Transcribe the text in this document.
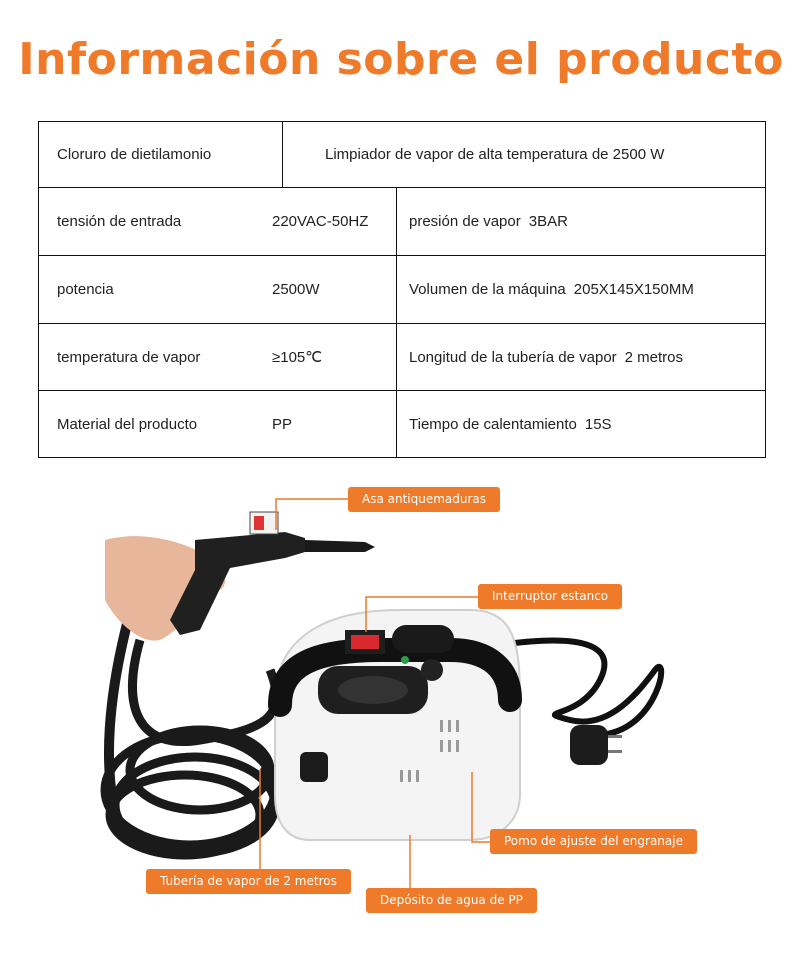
Información sobre el producto
Cloruro de dietilamonio	Limpiador de vapor de alta temperatura de 2500 W	

tensión de entrada 220VAC-50HZ		presión de vapor 3BAR

potencia 2500W		Volumen de la máquina 205X145X150MM

temperatura de vapor ≥105℃		Longitud de la tubería de vapor 2 metros

Material del producto PP		Tiempo de calentamiento 15S
Asa antiquemaduras
Interruptor estanco
Pomo de ajuste del engranaje
Tubería de vapor de 2 metros
Depósito de agua de PP
